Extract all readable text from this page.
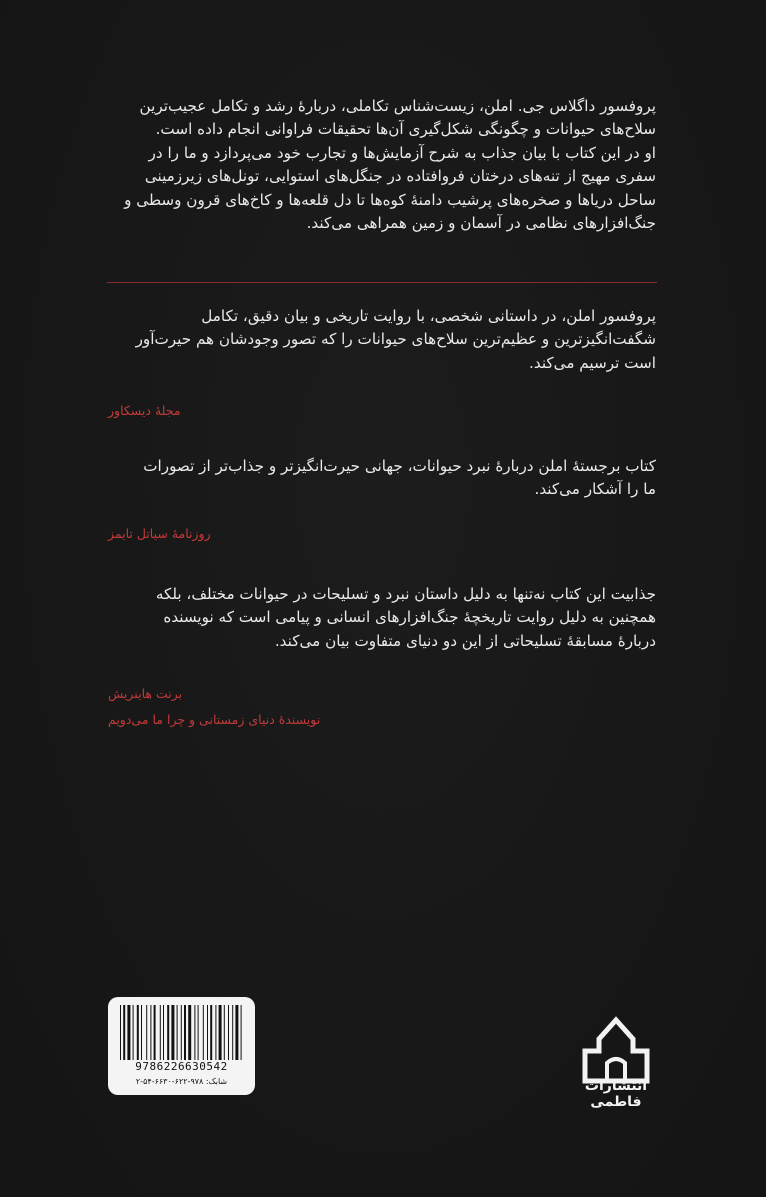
پروفسور داگلاس جی. املن، زیست‌شناس تکاملی، دربارهٔ رشد و تکامل عجیب‌ترین
سلاح‌های حیوانات و چگونگی شکل‌گیری آن‌ها تحقیقات فراوانی انجام داده است.
او در این کتاب با بیان جذاب به شرح آزمایش‌ها و تجارب خود می‌پردازد و ما را در
سفری مهیج از تنه‌های درختان فروافتاده در جنگل‌های استوایی، تونل‌های زیرزمینی
ساحل دریاها و صخره‌های پرشیب دامنهٔ کوه‌ها تا دل قلعه‌ها و کاخ‌های قرون وسطی و
جنگ‌افزارهای نظامی در آسمان و زمین همراهی می‌کند.

پروفسور املن، در داستانی شخصی، با روایت تاریخی و بیان دقیق، تکامل
شگفت‌انگیزترین و عظیم‌ترین سلاح‌های حیوانات را که تصور وجودشان هم حیرت‌آور
است ترسیم می‌کند.

مجلهٔ دیسکاور

کتاب برجستهٔ املن دربارهٔ نبرد حیوانات، جهانی حیرت‌انگیزتر و جذاب‌تر از تصورات
ما را آشکار می‌کند.

روزنامهٔ سیاتل تایمز

جذابیت این کتاب نه‌تنها به دلیل داستان نبرد و تسلیحات در حیوانات مختلف، بلکه
همچنین به دلیل روایت تاریخچهٔ جنگ‌افزارهای انسانی و پیامی است که نویسنده
دربارهٔ مسابقهٔ تسلیحاتی از این دو دنیای متفاوت بیان می‌کند.

برنت هاینریش
نویسندهٔ دنیای زمستانی و چرا ما می‌دویم
9786226630542
شابک: ۹۷۸-۶۲۲-۶۶۳۰-۵۴-۲	انتشارات فاطمی
